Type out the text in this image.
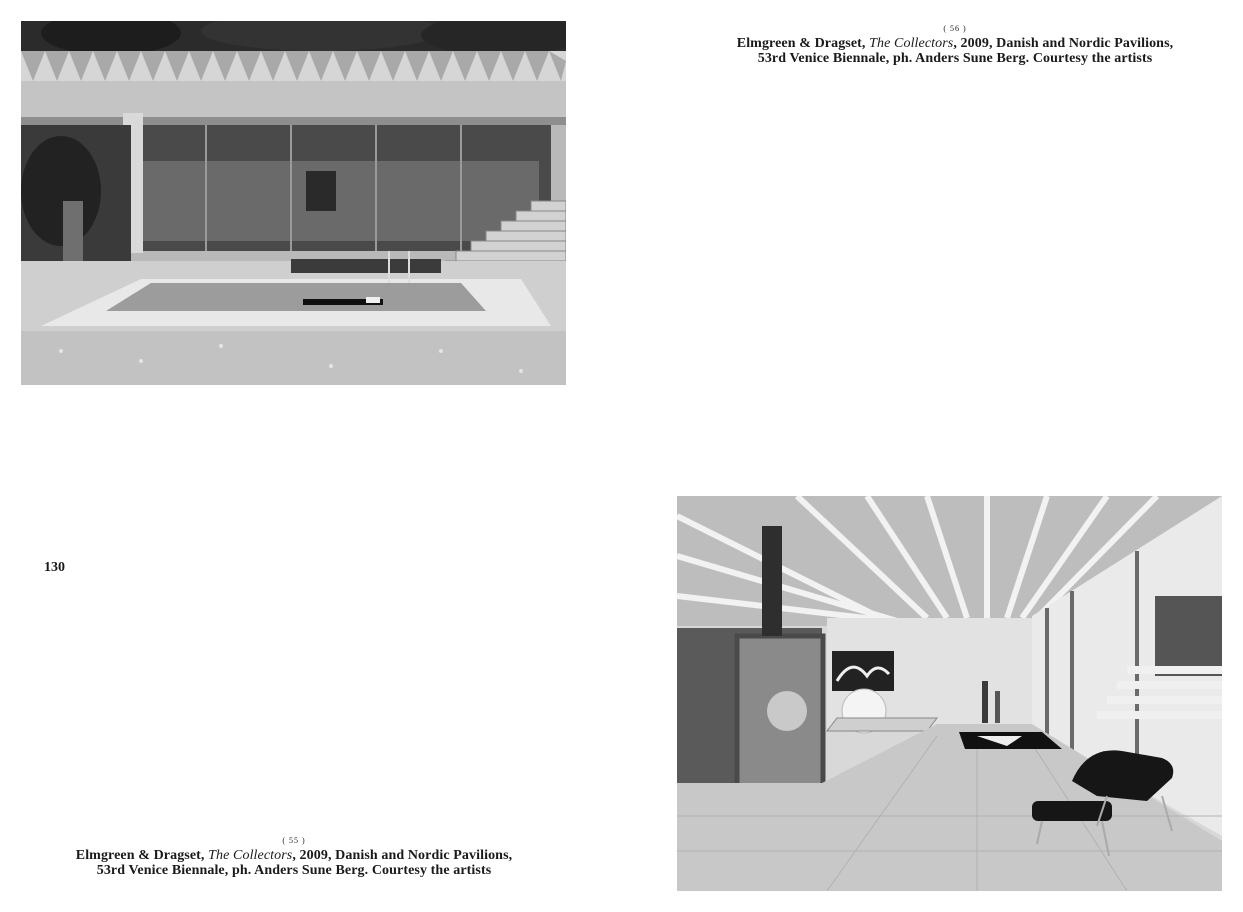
( 56 )
Elmgreen & Dragset, The Collectors, 2009, Danish and Nordic Pavilions,
53rd Venice Biennale, ph. Anders Sune Berg. Courtesy the artists
130
( 55 )
Elmgreen & Dragset, The Collectors, 2009, Danish and Nordic Pavilions,
53rd Venice Biennale, ph. Anders Sune Berg. Courtesy the artists
